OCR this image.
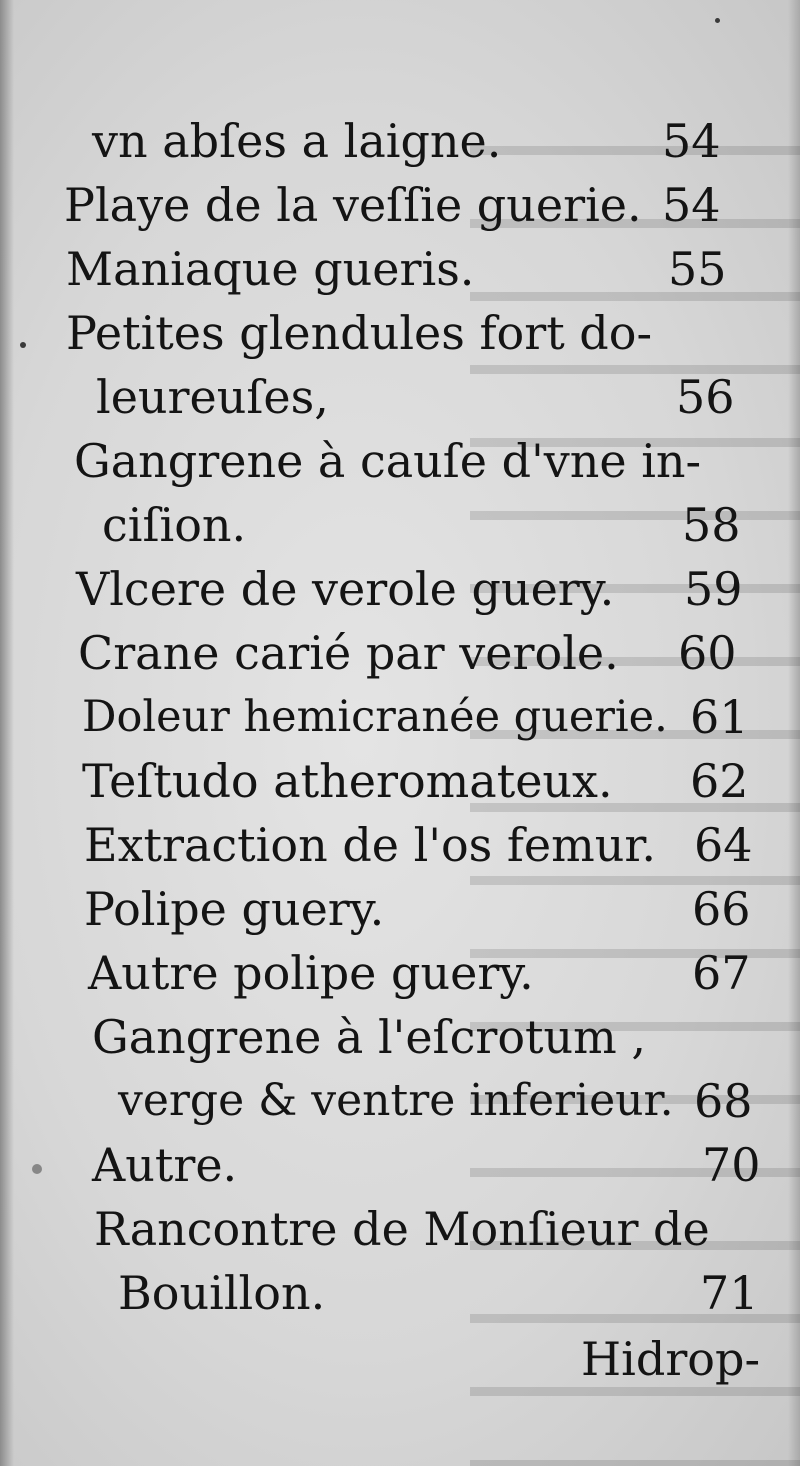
vn abſes a laigne.	54
Playe de la veſſie guerie. 54
Maniaque gueris.	55
Petites glendules fort do-
leureuſes,	56
Gangrene à cauſe d'vne in-
ciſion.	58
Vlcere de verole guery. 59
Crane carié par verole. 60
Doleur hemicranée guerie. 61
Teſtudo atheromateux. 62
Extraction de l'os femur. 64
Polipe guery.	66
Autre polipe guery.	67
Gangrene à l'eſcrotum ,
verge & ventre inferieur. 68
Autre.	70
Rancontre de Monſieur de
Bouillon.	71
Hidrop-
